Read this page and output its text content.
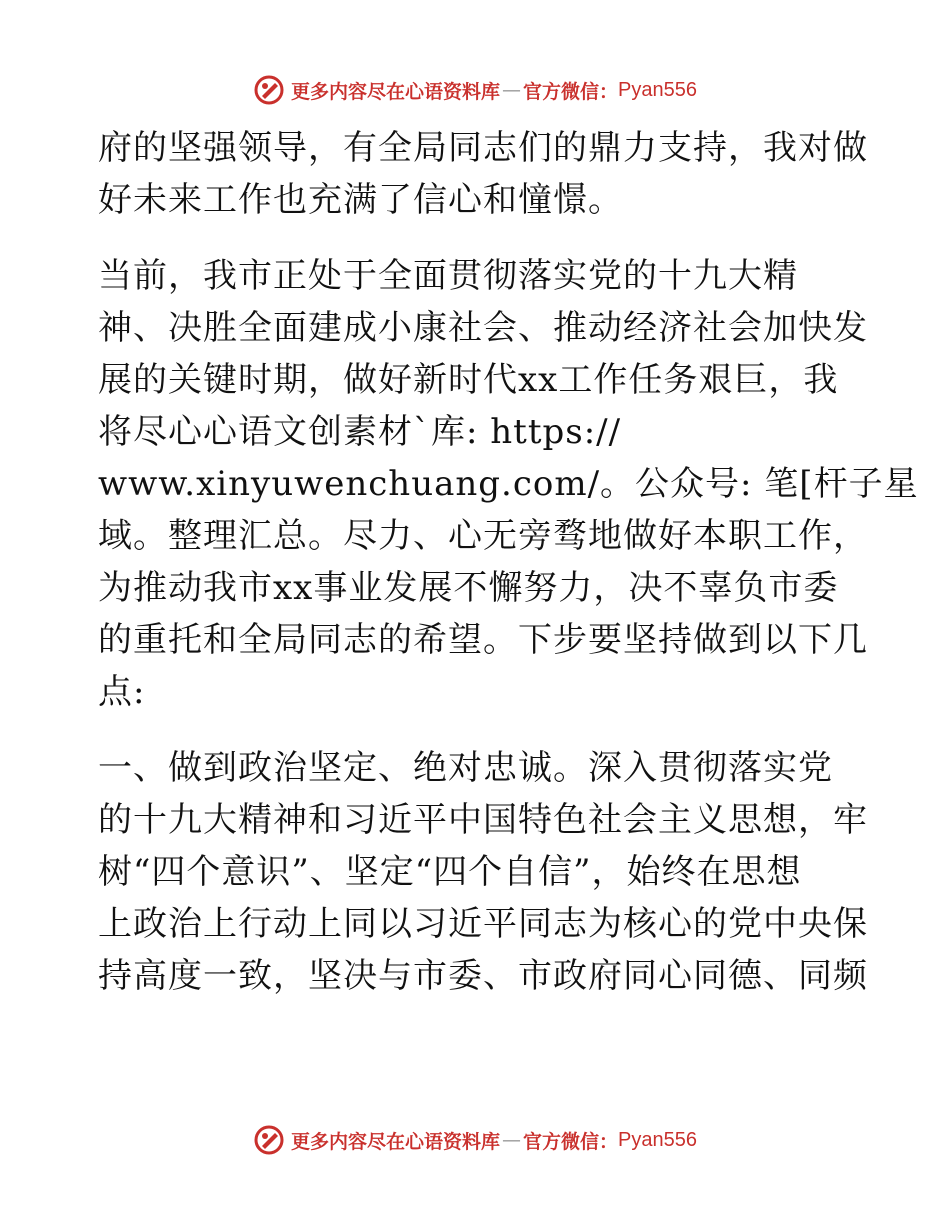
更多内容尽在心语资料库 — 官方微信： Pyan556

府的坚强领导，有全局同志们的鼎力支持，我对做
好未来工作也充满了信心和憧憬。

当前，我市正处于全面贯彻落实党的十九大精
神、决胜全面建成小康社会、推动经济社会加快发
展的关键时期，做好新时代xx工作任务艰巨，我
将尽心心语文创素材`库: https://
www.xinyuwenchuang.com/。公众号: 笔[杆子星
域。整理汇总。尽力、心无旁骛地做好本职工作，
为推动我市xx事业发展不懈努力，决不辜负市委
的重托和全局同志的希望。下步要坚持做到以下几
点:

一、做到政治坚定、绝对忠诚。深入贯彻落实党
的十九大精神和习近平中国特色社会主义思想，牢
树“四个意识”、坚定“四个自信”，始终在思想
上政治上行动上同以习近平同志为核心的党中央保
持高度一致，坚决与市委、市政府同心同德、同频

更多内容尽在心语资料库 — 官方微信： Pyan556
